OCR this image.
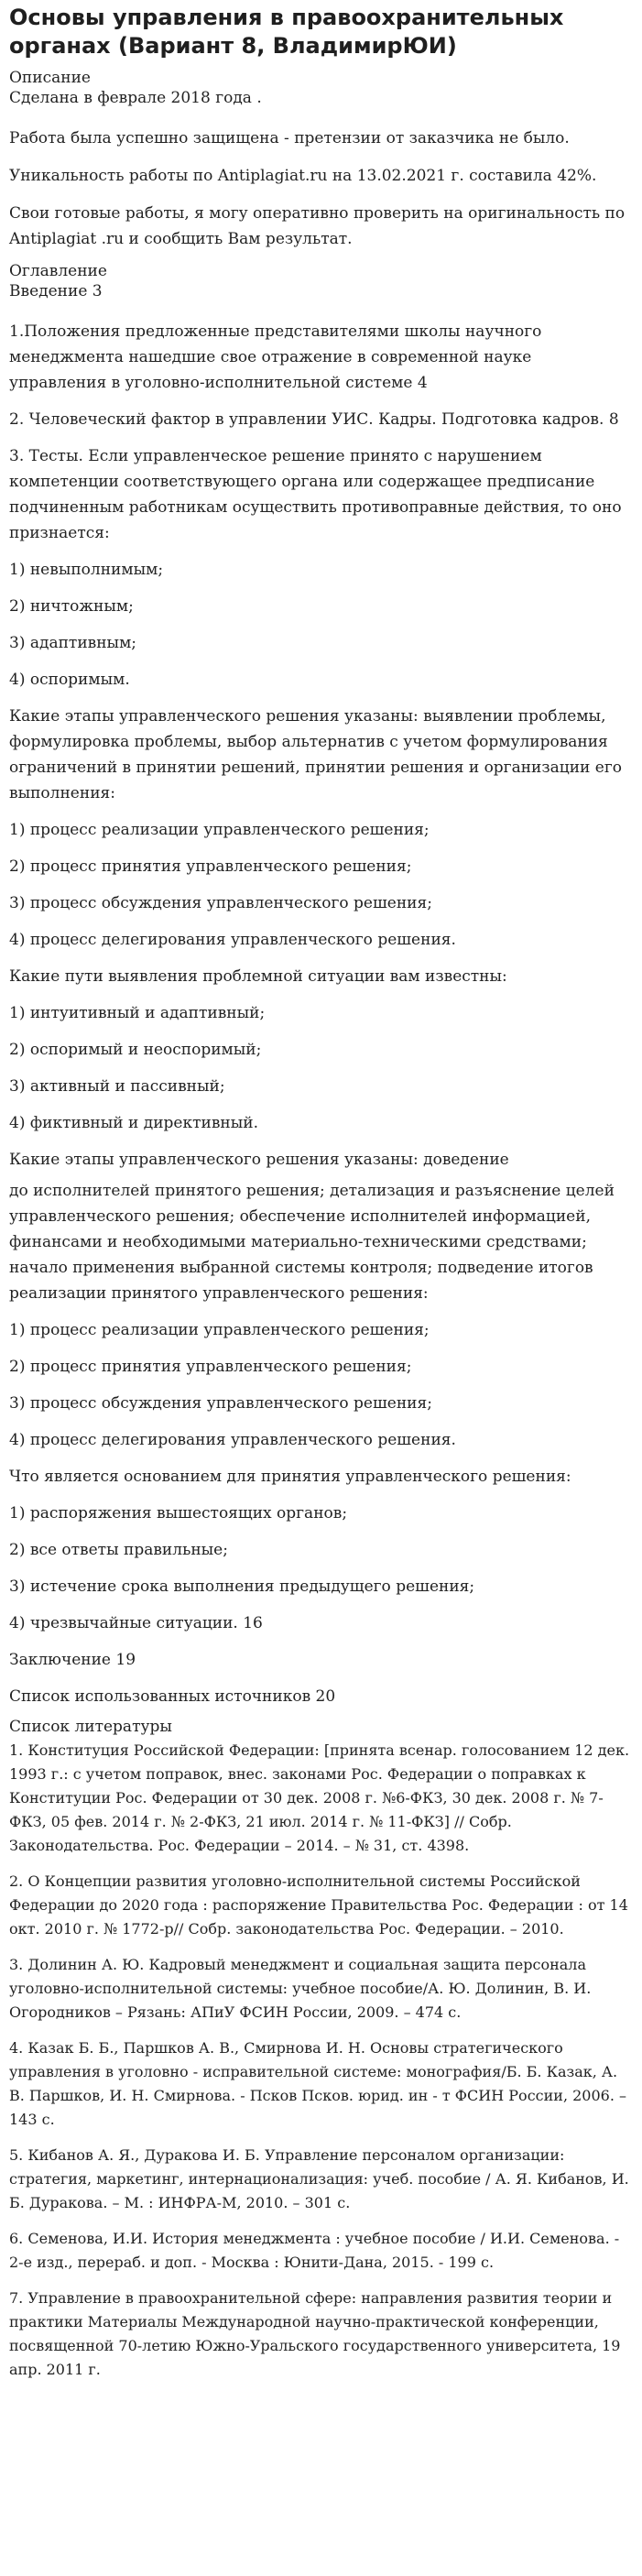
Основы управления в правоохранительных органах (Вариант 8, ВладимирЮИ)
Описание
Сделана в феврале 2018 года .

Работа была успешно защищена - претензии от заказчика не было.

Уникальность работы по Antiplagiat.ru на 13.02.2021 г. составила 42%.

Свои готовые работы, я могу оперативно проверить на оригинальность по Antiplagiat .ru и сообщить Вам результат.

Оглавление
Введение 3

1.Положения предложенные представителями школы научного менеджмента нашедшие свое отражение в современной науке управления в уголовно-исполнительной системе 4

2. Человеческий фактор в управлении УИС. Кадры. Подготовка кадров. 8

3. Тесты. Если управленческое решение принято с нарушением компетенции соответствующего органа или содержащее предписание подчиненным работникам осуществить противоправные действия, то оно признается:

1) невыполнимым;

2) ничтожным;

3) адаптивным;

4) оспоримым.

Какие этапы управленческого решения указаны: выявлении проблемы, формулировка проблемы, выбор альтернатив с учетом формулирования ограничений в принятии решений, принятии решения и организации его выполнения:

1) процесс реализации управленческого решения;

2) процесс принятия управленческого решения;

3) процесс обсуждения управленческого решения;

4) процесс делегирования управленческого решения.

Какие пути выявления проблемной ситуации вам известны:

1) интуитивный и адаптивный;

2) оспоримый и неоспоримый;

3) активный и пассивный;

4) фиктивный и директивный.

Какие этапы управленческого решения указаны: доведение

до исполнителей принятого решения; детализация и разъяснение целей управленческого решения; обеспечение исполнителей информацией, финансами и необходимыми материально-техническими средствами; начало применения выбранной системы контроля; подведение итогов реализации принятого управленческого решения:

1) процесс реализации управленческого решения;

2) процесс принятия управленческого решения;

3) процесс обсуждения управленческого решения;

4) процесс делегирования управленческого решения.

Что является основанием для принятия управленческого решения:

1) распоряжения вышестоящих органов;

2) все ответы правильные;

3) истечение срока выполнения предыдущего решения;

4) чрезвычайные ситуации. 16

Заключение 19

Список использованных источников 20

Список литературы

1. Конституция Российской Федерации: [принята всенар. голосованием 12 дек. 1993 г.: с учетом поправок, внес. законами Рос. Федерации о поправках к Конституции Рос. Федерации от 30 дек. 2008 г. №6-ФКЗ, 30 дек. 2008 г. № 7-ФКЗ, 05 фев. 2014 г. № 2-ФКЗ, 21 июл. 2014 г. № 11-ФКЗ] // Собр. Законодательства. Рос. Федерации – 2014. – № 31, ст. 4398.

2. О Концепции развития уголовно-исполнительной системы Российской Федерации до 2020 года : распоряжение Правительства Рос. Федерации : от 14 окт. 2010 г. № 1772-р// Собр. законодательства Рос. Федерации. – 2010.

3. Долинин А. Ю. Кадровый менеджмент и социальная защита персонала уголовно-исполнительной системы: учебное пособие/А. Ю. Долинин, В. И. Огородников – Рязань: АПиУ ФСИН России, 2009. – 474 с.

4. Казак Б. Б., Паршков А. В., Смирнова И. Н. Основы стратегического управления в уголовно - исправительной системе: монография/Б. Б. Казак, А. В. Паршков, И. Н. Смирнова. - Псков Псков. юрид. ин - т ФСИН России, 2006. – 143 с.

5. Кибанов А. Я., Дуракова И. Б. Управление персоналом организации: стратегия, маркетинг, интернационализация: учеб. пособие / А. Я. Кибанов, И. Б. Дуракова. – М. : ИНФРА-М, 2010. – 301 с.

6. Семенова, И.И. История менеджмента : учебное пособие / И.И. Семенова. - 2-е изд., перераб. и доп. - Москва : Юнити-Дана, 2015. - 199 с.

7. Управление в правоохранительной сфере: направления развития теории и практики Материалы Международной научно-практической конференции, посвященной 70-летию Южно-Уральского государственного университета, 19 апр. 2011 г.
